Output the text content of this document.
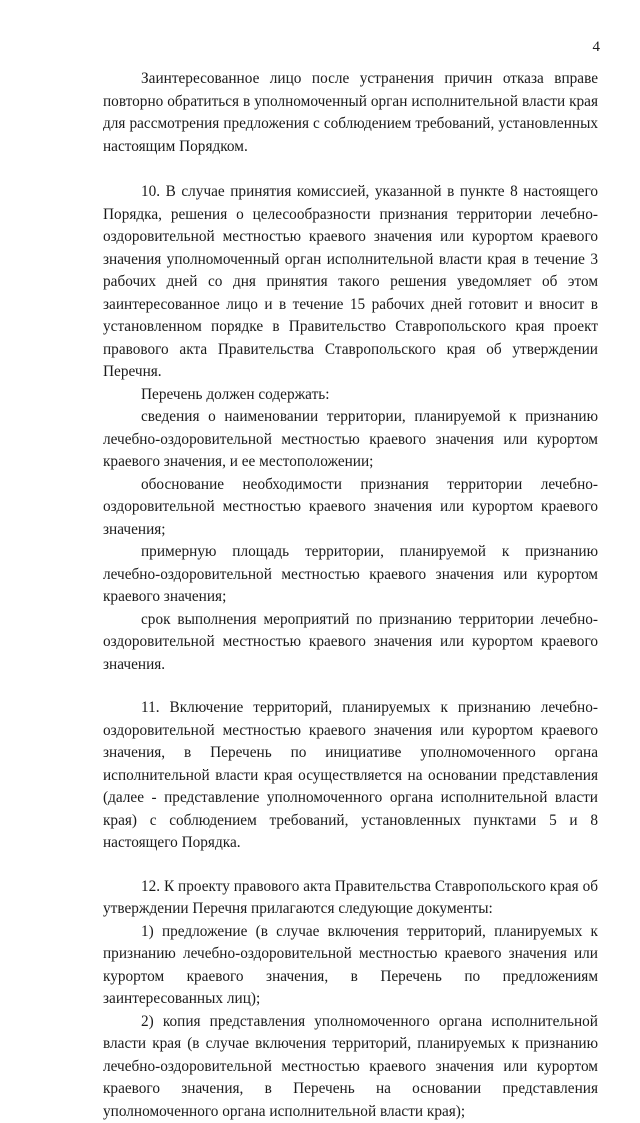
4

Заинтересованное лицо после устранения причин отказа вправе повторно обратиться в уполномоченный орган исполнительной власти края для рассмотрения предложения с соблюдением требований, установленных настоящим Порядком.

10. В случае принятия комиссией, указанной в пункте 8 настоящего Порядка, решения о целесообразности признания территории лечебно-оздоровительной местностью краевого значения или курортом краевого значения уполномоченный орган исполнительной власти края в течение 3 рабочих дней со дня принятия такого решения уведомляет об этом заинтересованное лицо и в течение 15 рабочих дней готовит и вносит в установленном порядке в Правительство Ставропольского края проект правового акта Правительства Ставропольского края об утверждении Перечня.

Перечень должен содержать:

сведения о наименовании территории, планируемой к признанию лечебно-оздоровительной местностью краевого значения или курортом краевого значения, и ее местоположении;

обоснование необходимости признания территории лечебно-оздоровительной местностью краевого значения или курортом краевого значения;

примерную площадь территории, планируемой к признанию лечебно-оздоровительной местностью краевого значения или курортом краевого значения;

срок выполнения мероприятий по признанию территории лечебно-оздоровительной местностью краевого значения или курортом краевого значения.

11. Включение территорий, планируемых к признанию лечебно-оздоровительной местностью краевого значения или курортом краевого значения, в Перечень по инициативе уполномоченного органа исполнительной власти края осуществляется на основании представления (далее - представление уполномоченного органа исполнительной власти края) с соблюдением требований, установленных пунктами 5 и 8 настоящего Порядка.

12. К проекту правового акта Правительства Ставропольского края об утверждении Перечня прилагаются следующие документы:

1) предложение (в случае включения территорий, планируемых к признанию лечебно-оздоровительной местностью краевого значения или курортом краевого значения, в Перечень по предложениям заинтересованных лиц);

2) копия представления уполномоченного органа исполнительной власти края (в случае включения территорий, планируемых к признанию лечебно-оздоровительной местностью краевого значения или курортом краевого значения, в Перечень на основании представления уполномоченного органа исполнительной власти края);
